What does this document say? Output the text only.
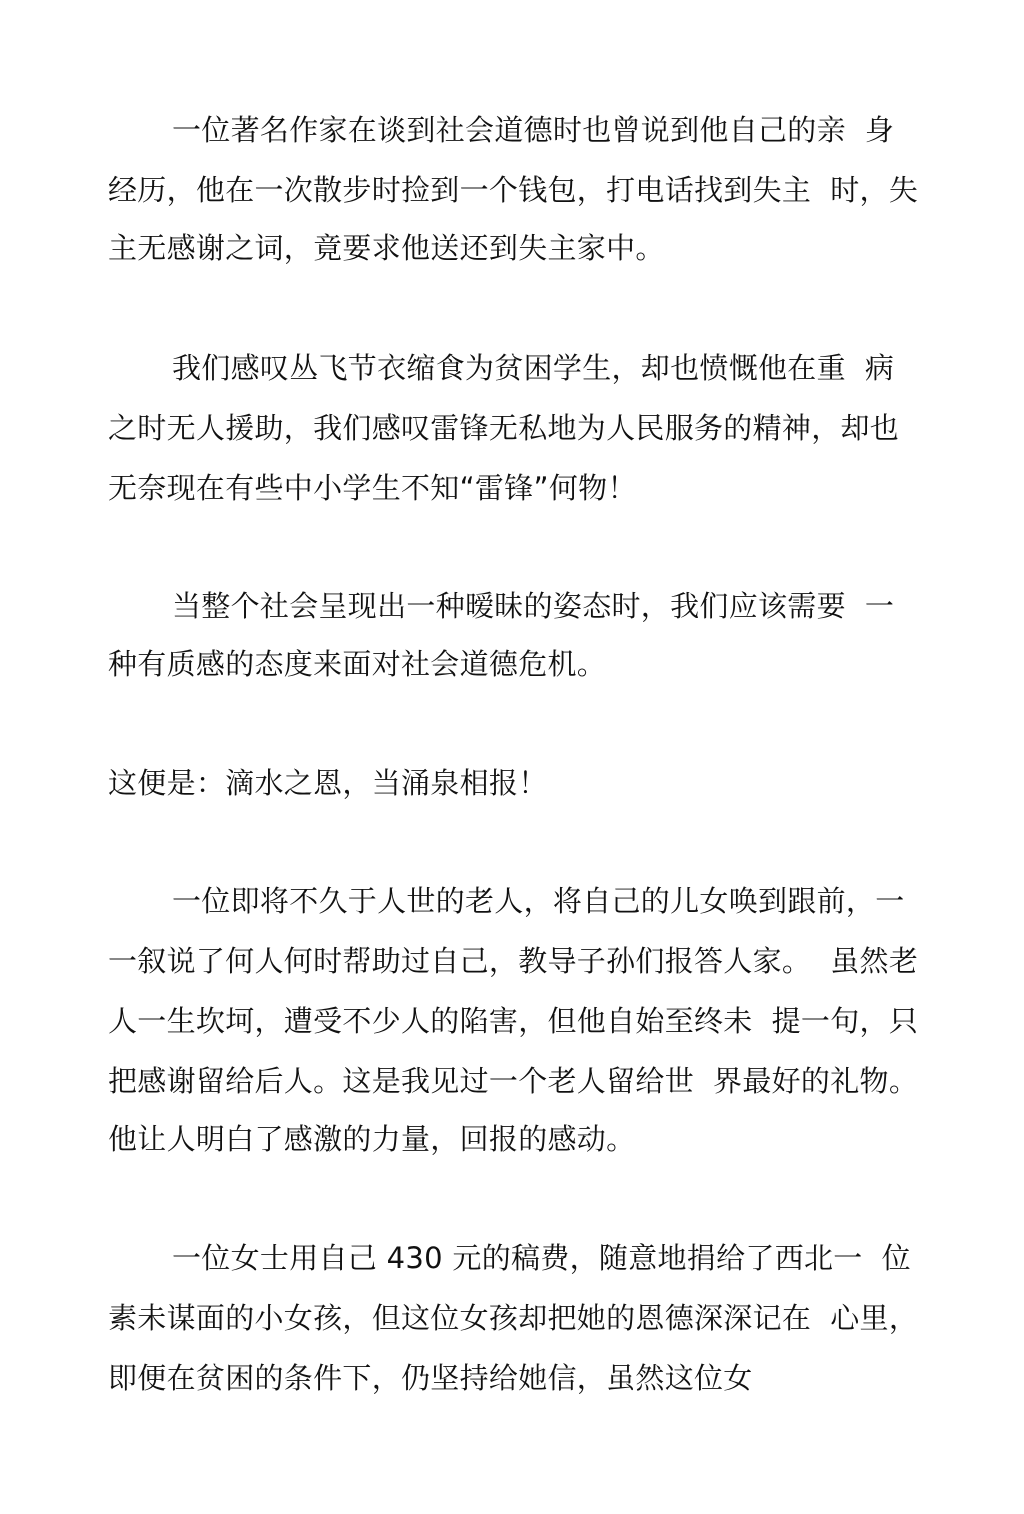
一位著名作家在谈到社会道德时也曾说到他自己的亲  身
经历，他在一次散步时捡到一个钱包，打电话找到失主  时，失
主无感谢之词，竟要求他送还到失主家中。
我们感叹丛飞节衣缩食为贫困学生，却也愤慨他在重  病
之时无人援助，我们感叹雷锋无私地为人民服务的精神，却也
无奈现在有些中小学生不知“雷锋”何物！
当整个社会呈现出一种暧昧的姿态时，我们应该需要  一
种有质感的态度来面对社会道德危机。
这便是：滴水之恩，当涌泉相报！
一位即将不久于人世的老人，将自己的儿女唤到跟前，一
一叙说了何人何时帮助过自己，教导子孙们报答人家。  虽然老
人一生坎坷，遭受不少人的陷害，但他自始至终未  提一句，只
把感谢留给后人。这是我见过一个老人留给世  界最好的礼物。
他让人明白了感激的力量，回报的感动。
一位女士用自己 430 元的稿费，随意地捐给了西北一  位
素未谋面的小女孩，但这位女孩却把她的恩德深深记在  心里，
即便在贫困的条件下，仍坚持给她信，虽然这位女
